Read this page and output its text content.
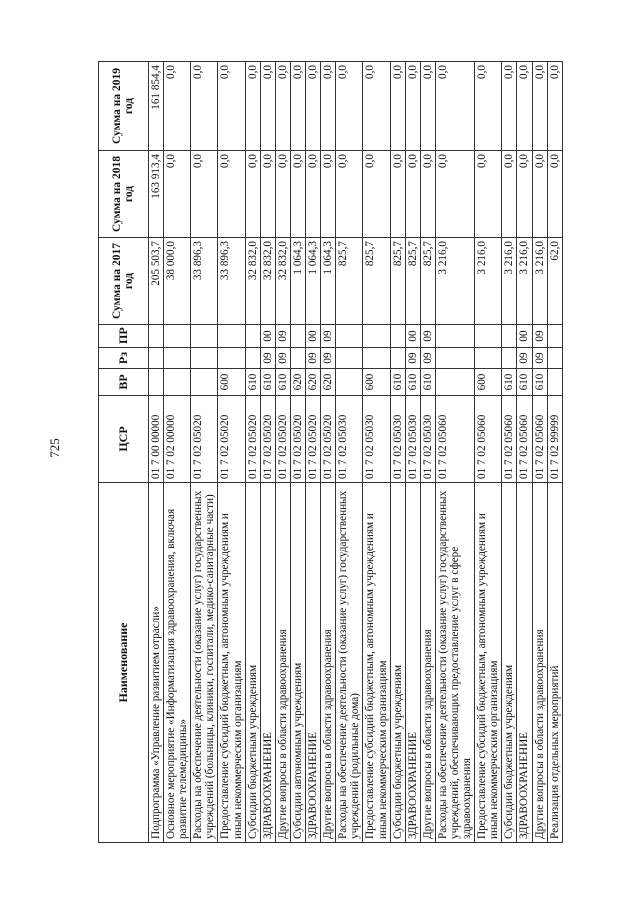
725
Наименование	ЦСР	ВР	Рз	ПР	Сумма на 2017 год	Сумма на 2018 год	Сумма на 2019 год
Подпрограмма «Управление развитием отрасли»	01 7 00 00000				205 503,7	163 913,4	161 854,4
Основное мероприятие «Информатизация здравоохранения, включая развитие телемедицины»	01 7 02 00000				38 000,0	0,0	0,0
Расходы на обеспечение деятельности (оказание услуг) государственных учреждений (больницы, клиники, госпитали, медико-санитарные части)	01 7 02 05020				33 896,3	0,0	0,0
Предоставление субсидий бюджетным, автономным учреждениям и иным некоммерческим организациям	01 7 02 05020	600			33 896,3	0,0	0,0
Субсидии бюджетным учреждениям	01 7 02 05020	610			32 832,0	0,0	0,0
ЗДРАВООХРАНЕНИЕ	01 7 02 05020	610	09	00	32 832,0	0,0	0,0
Другие вопросы в области здравоохранения	01 7 02 05020	610	09	09	32 832,0	0,0	0,0
Субсидии автономным учреждениям	01 7 02 05020	620			1 064,3	0,0	0,0
ЗДРАВООХРАНЕНИЕ	01 7 02 05020	620	09	00	1 064,3	0,0	0,0
Другие вопросы в области здравоохранения	01 7 02 05020	620	09	09	1 064,3	0,0	0,0
Расходы на обеспечение деятельности (оказание услуг) государственных учреждений (родильные дома)	01 7 02 05030				825,7	0,0	0,0
Предоставление субсидий бюджетным, автономным учреждениям и иным некоммерческим организациям	01 7 02 05030	600			825,7	0,0	0,0
Субсидии бюджетным учреждениям	01 7 02 05030	610			825,7	0,0	0,0
ЗДРАВООХРАНЕНИЕ	01 7 02 05030	610	09	00	825,7	0,0	0,0
Другие вопросы в области здравоохранения	01 7 02 05030	610	09	09	825,7	0,0	0,0
Расходы на обеспечение деятельности (оказание услуг) государственных учреждений, обеспечивающих предоставление услуг в сфере здравоохранения	01 7 02 05060				3 216,0	0,0	0,0
Предоставление субсидий бюджетным, автономным учреждениям и иным некоммерческим организациям	01 7 02 05060	600			3 216,0	0,0	0,0
Субсидии бюджетным учреждениям	01 7 02 05060	610			3 216,0	0,0	0,0
ЗДРАВООХРАНЕНИЕ	01 7 02 05060	610	09	00	3 216,0	0,0	0,0
Другие вопросы в области здравоохранения	01 7 02 05060	610	09	09	3 216,0	0,0	0,0
Реализация отдельных мероприятий	01 7 02 99999				62,0	0,0	0,0
